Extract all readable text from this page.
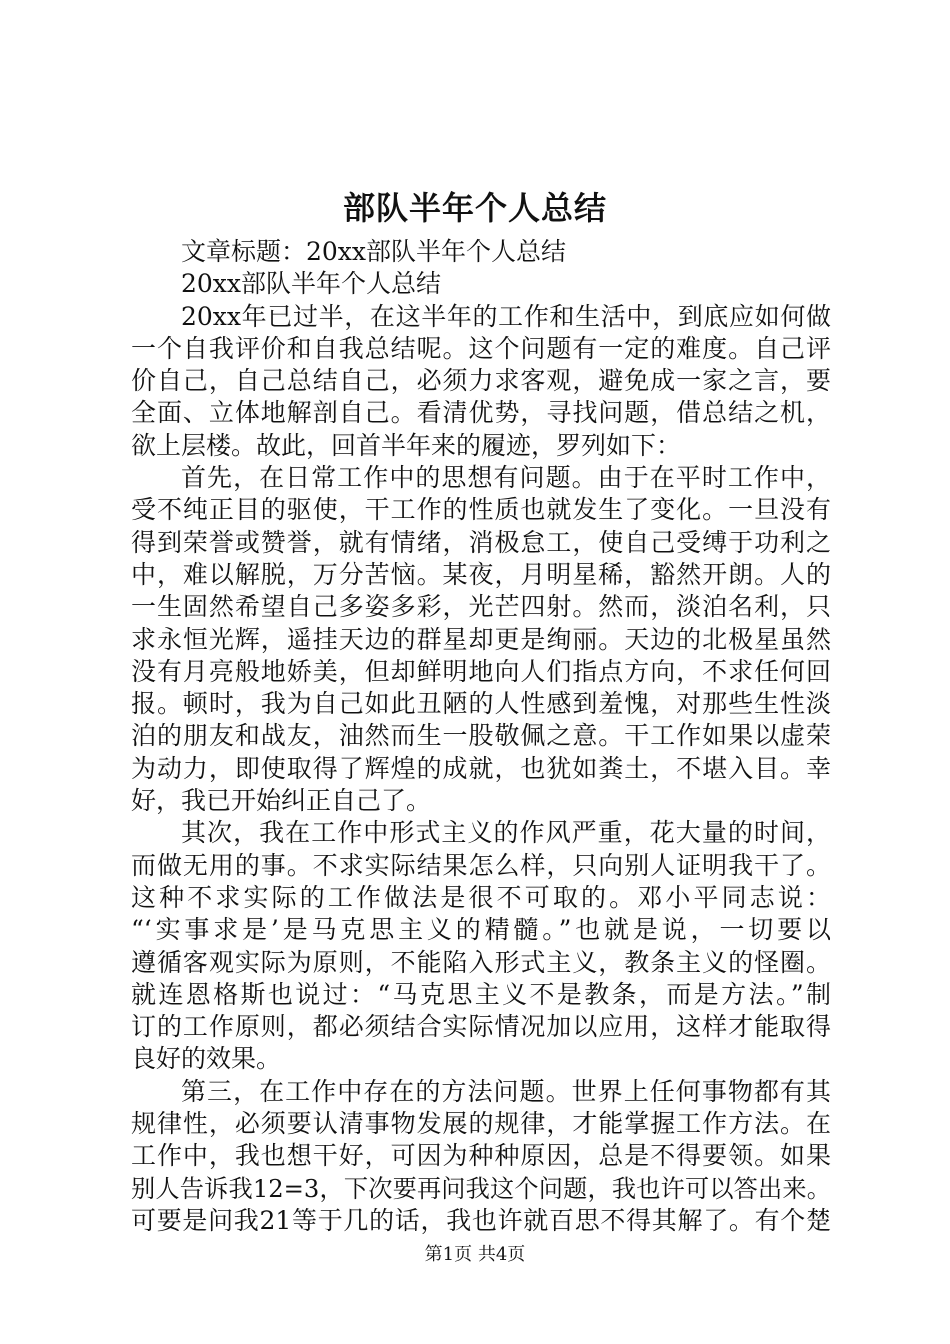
部队半年个人总结
文章标题：20xx部队半年个人总结
20xx部队半年个人总结
20xx年已过半，在这半年的工作和生活中，到底应如何做
一个自我评价和自我总结呢。这个问题有一定的难度。自己评
价自己，自己总结自己，必须力求客观，避免成一家之言，要
全面、立体地解剖自己。看清优势，寻找问题，借总结之机，
欲上层楼。故此，回首半年来的履迹，罗列如下：
首先，在日常工作中的思想有问题。由于在平时工作中，
受不纯正目的驱使，干工作的性质也就发生了变化。一旦没有
得到荣誉或赞誉，就有情绪，消极怠工，使自己受缚于功利之
中，难以解脱，万分苦恼。某夜，月明星稀，豁然开朗。人的
一生固然希望自己多姿多彩，光芒四射。然而，淡泊名利，只
求永恒光辉，遥挂天边的群星却更是绚丽。天边的北极星虽然
没有月亮般地娇美，但却鲜明地向人们指点方向，不求任何回
报。顿时，我为自己如此丑陋的人性感到羞愧，对那些生性淡
泊的朋友和战友，油然而生一股敬佩之意。干工作如果以虚荣
为动力，即使取得了辉煌的成就，也犹如粪土，不堪入目。幸
好，我已开始纠正自己了。
其次，我在工作中形式主义的作风严重，花大量的时间，
而做无用的事。不求实际结果怎么样，只向别人证明我干了。
这种不求实际的工作做法是很不可取的。邓小平同志说：
“‘实事求是’是马克思主义的精髓。”也就是说，一切要以
遵循客观实际为原则，不能陷入形式主义，教条主义的怪圈。
就连恩格斯也说过：“马克思主义不是教条，而是方法。”制
订的工作原则，都必须结合实际情况加以应用，这样才能取得
良好的效果。
第三，在工作中存在的方法问题。世界上任何事物都有其
规律性，必须要认清事物发展的规律，才能掌握工作方法。在
工作中，我也想干好，可因为种种原因，总是不得要领。如果
别人告诉我12=3，下次要再问我这个问题，我也许可以答出来。
可要是问我21等于几的话，我也许就百思不得其解了。有个楚
第1页 共4页
